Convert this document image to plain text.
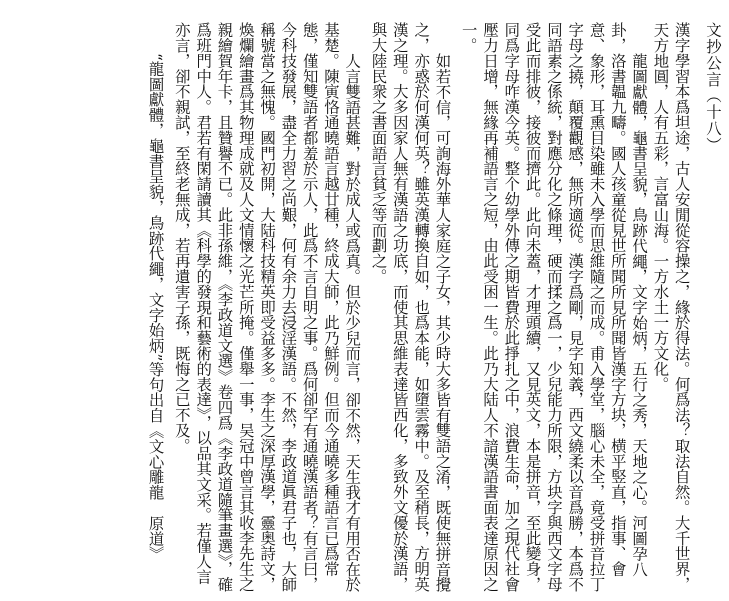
文抄公言（十八）

漢字學習本爲坦途，古人安閒從容操之，緣於得法。何爲法？取法自然。大千世界，天方地圓，人有五彩，言富山海。一方水土一方文化。

龍圖獻體，龜書呈貌，鳥跡代繩，文字始炳，五行之秀，天地之心。河圖孕八卦，洛書韞九疇。國人孩童從見世所聞所見所聞皆漢字方块，横平竪直，指事、會意、象形，耳熏目染雖未入學而思維隨之而成。甫入學堂，腦心未全，竟受拼音拉丁字母之撓，顛覆觀感，無所適從。漢字爲剛，見字知義，西文繞柔以音爲勝，本爲不同語素之係統，對應分化之條理，硬而揉之爲一，少兒能力所限，方块字與西文字母受此而排彼，接彼而擠此。此向未蓋，才理頭續，又見英文，本是拼音，至此變身，同爲字母咋漢今英。整个幼學外傳之期皆費於此掙扎之中，浪費生命，加之現代社會壓力日增，無緣再補語言之短，由此受困一生。此乃大陆人不諳漢語書面表達原因之一。

如若不信，可詢海外華人家庭之子女，其少時大多皆有雙語之淆，既使無拼音攪之，亦惑於何漢何英？雖英漢轉換自如，也爲本能，如墮雲霧中。及至稍長，方明英漢之理。大多因家人無有漢語之功底，而使其思維表達皆西化，多致外文優於漢語，與大陸民衆之書面語言貧乏等而劃之。

人言雙語甚難，對於成人或爲真。但於少兒而言，卻不然，天生我才有用否在於基楚。陳寅恪通曉語言越廿種，終成大師，此乃鮮例。但而今通曉多種語言已爲常態，僅知雙語者都羞於示人，此爲不言自明之事。爲何卻罕有通曉漢語者？有言曰，今科技發展，盡全力習之尚艱，何有余力去浸淫漢語。不然，李政道眞君子也，大師稱號當之無愧。國門初開，大陆科技精英即受益多多。李生之深厚漢學，靈奥詩文，煥爛繪畫爲其物理成就及人文情懷之光芒所掩。僅舉一事，吴冠中曾言其收李先生之親繪賀年卡，且贊譽不已。此非孫維，《李政道文選》卷四爲《李政道隨筆畫選》，確爲班門中人。君若有閑請讀其《科學的發現和藝術的表達》，以品其文采。若僅人言亦言，卻不親試，至終老無成，若再遺害子孫，既悔之已不及。

“龍圖獻體，龜書呈貌，鳥跡代繩，文字始炳”等句出自《文心雕龍　原道》
